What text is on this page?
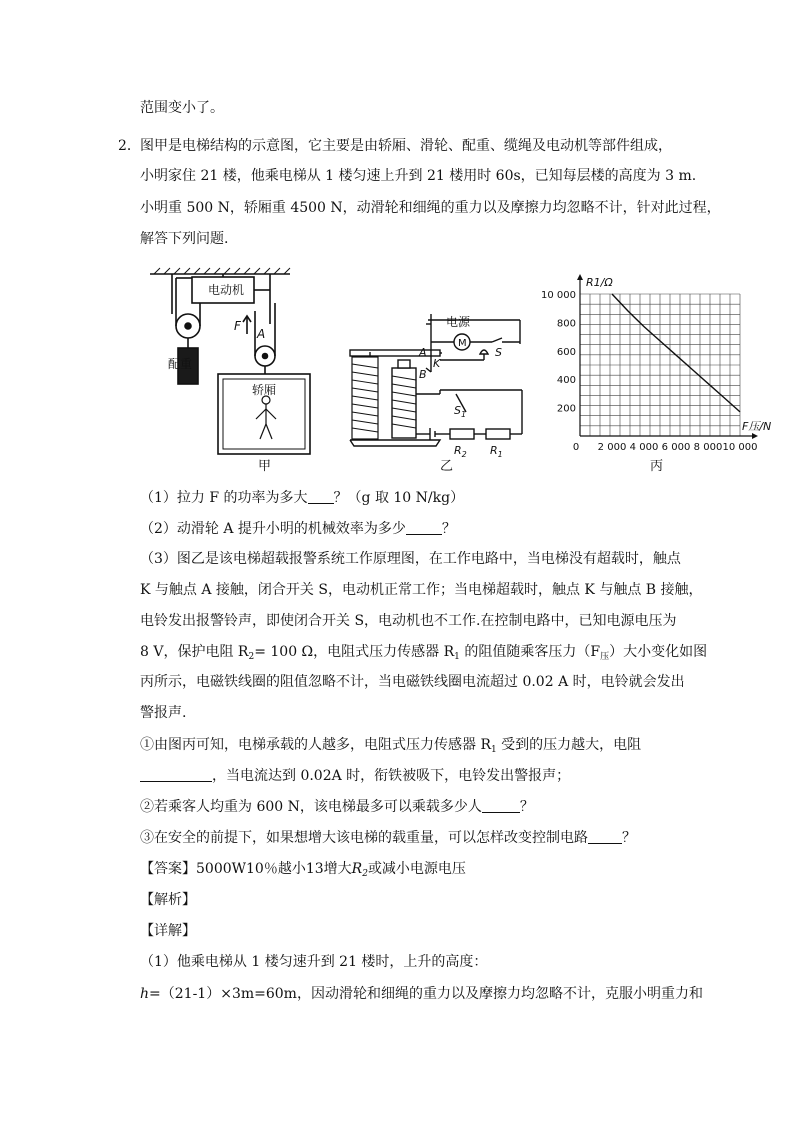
范围变小了。
2． 图甲是电梯结构的示意图，它主要是由轿厢、滑轮、配重、缆绳及电动机等部件组成，
小明家住 21 楼，他乘电梯从 1 楼匀速上升到 21 楼用时 60s，已知每层楼的高度为 3 m.
小明重 500 N，轿厢重 4500 N，动滑轮和细绳的重力以及摩擦力均忽略不计，针对此过程，
解答下列问题.
电动机
配重
轿厢
F
A
甲
电源
M
S
A
K
B
$S_1$
$R_2$ $R_1$
乙
200
400
600
800
10 000
0 2 000 4 000 6 000 8 000 10 000
R1/Ω
F压/N
丙
（1）拉力 F 的功率为多大 ？（g 取 10 N/kg）
（2）动滑轮 A 提升小明的机械效率为多少	？
（3）图乙是该电梯超载报警系统工作原理图，在工作电路中，当电梯没有超载时，触点
K 与触点 A 接触，闭合开关 S，电动机正常工作；当电梯超载时，触点 K 与触点 B 接触，
电铃发出报警铃声，即使闭合开关 S，电动机也不工作.在控制电路中，已知电源电压为
8 V，保护电阻 $R_2= 100$ Ω，电阻式压力传感器 $R_1$ 的阻值随乘客压力$(F_压)$大小变化如图
丙所示，电磁铁线圈的阻值忽略不计，当电磁铁线圈电流超过 0.02 A 时，电铃就会发出
警报声.
①由图丙可知，电梯承载的人越多，电阻式压力传感器 $R_1$ 受到的压力越大，电阻
，当电流达到 0.02A 时，衔铁被吸下，电铃发出警报声；
②若乘客人均重为 600 N，该电梯最多可以乘载多少人	？
③在安全的前提下，如果想增大该电梯的载重量，可以怎样改变控制电路 ？
【答案】5000W10％越小13增大$R_2$或减小电源电压
【解析】
【详解】
（1）他乘电梯从 1 楼匀速升到 21 楼时，上升的高度：
h=（21-1）×3m=60m，因动滑轮和细绳的重力以及摩擦力均忽略不计，克服小明重力和
